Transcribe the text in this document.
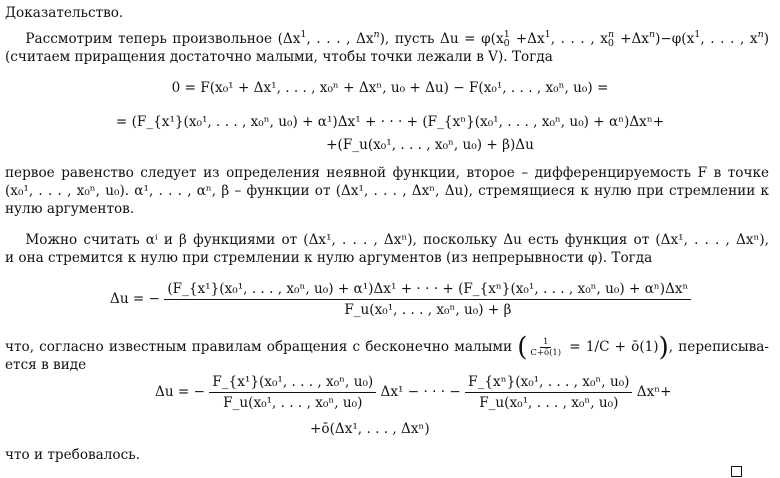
Доказательство.
  Рассмотрим теперь произвольное ($\Delta x^1$, . . . , $\Delta x^n$), пусть $\Delta u = \varphi(x_0^1 +\Delta x^1$, . . . , $x_0^n +\Delta x^n)-\varphi(x^1$, . . . , $x^n$)
(считаем приращения достаточно малыми, чтобы точки лежали в V). Тогда
0 = F(x₀¹ + Δx¹, . . . , x₀ⁿ + Δxⁿ, u₀ + Δu) − F(x₀¹, . . . , x₀ⁿ, u₀) =
= (F_{x¹}(x₀¹, . . . , x₀ⁿ, u₀) + α¹)Δx¹ + · · · + (F_{xⁿ}(x₀¹, . . . , x₀ⁿ, u₀) + αⁿ)Δxⁿ+
+(F_u(x₀¹, . . . , x₀ⁿ, u₀) + β)Δu
первое равенство следует из определения неявной функции, второе – дифференцируемость F в точке
(x₀¹, . . . , x₀ⁿ, u₀). α¹, . . . , αⁿ, β – функции от (Δx¹, . . . , Δxⁿ, Δu), стремящиеся к нулю при стремлении к
нулю аргументов.
  Можно считать αⁱ и β функциями от (Δx¹, . . . , Δxⁿ), поскольку Δu есть функция от (Δx¹, . . . , Δxⁿ),
и она стремится к нулю при стремлении к нулю аргументов (из непрерывности φ). Тогда
Δu = −
(F_{x¹}(x₀¹, . . . , x₀ⁿ, u₀) + α¹)Δx¹ + · · · + (F_{xⁿ}(x₀¹, . . . , x₀ⁿ, u₀) + αⁿ)Δxⁿ
F_u(x₀¹, . . . , x₀ⁿ, u₀) + β
что, согласно известным правилам обращения с бесконечно малыми ( $\frac{1}{C+ō(1)} = 1/C$ + ō(1)), переписыва-
ется в виде
Δu = − $\frac{\text{F\_\{x¹\}(x₀¹, . . . , x₀ⁿ, u₀)}}{\text{F\_u(x₀¹, . . . , x₀ⁿ, u₀)}} \Delta x^1$ − · · · − $\frac{\text{F\_\{xⁿ\}(x₀¹, . . . , x₀ⁿ, u₀)}}{\text{F\_u(x₀¹, . . . , x₀ⁿ, u₀)}} \Delta x^n+$
+ō(Δx¹, . . . , Δxⁿ)
что и требовалось.
